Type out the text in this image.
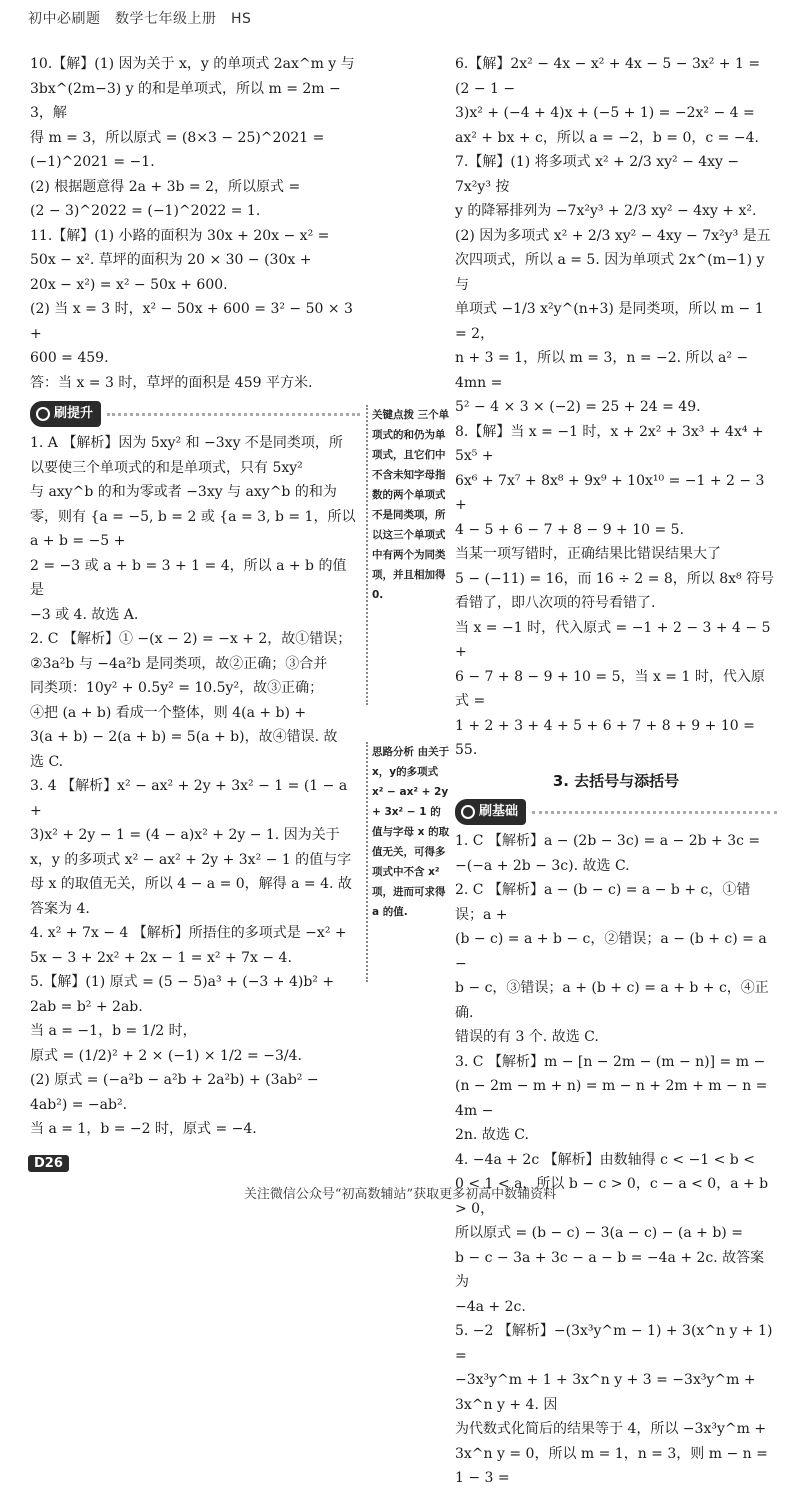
初中必刷题　数学七年级上册　HS

10.【解】(1) 因为关于 x，y 的单项式 2ax^m y 与

3bx^(2m−3) y 的和是单项式，所以 m = 2m − 3，解

得 m = 3，所以原式 = (8×3 − 25)^2021 =

(−1)^2021 = −1.

(2) 根据题意得 2a + 3b = 2，所以原式 =

(2 − 3)^2022 = (−1)^2022 = 1.

11.【解】(1) 小路的面积为 30x + 20x − x² =

50x − x². 草坪的面积为 20 × 30 − (30x +

20x − x²) = x² − 50x + 600.

(2) 当 x = 3 时，x² − 50x + 600 = 3² − 50 × 3 +

600 = 459.

答：当 x = 3 时，草坪的面积是 459 平方米.

刷提升

1. A 【解析】因为 5xy² 和 −3xy 不是同类项，所

以要使三个单项式的和是单项式，只有 5xy²

与 axy^b 的和为零或者 −3xy 与 axy^b 的和为

零，则有 {a = −5, b = 2 或 {a = 3, b = 1，所以 a + b = −5 +

2 = −3 或 a + b = 3 + 1 = 4，所以 a + b 的值是

−3 或 4. 故选 A.

2. C 【解析】① −(x − 2) = −x + 2，故①错误；

②3a²b 与 −4a²b 是同类项，故②正确；③合并

同类项：10y² + 0.5y² = 10.5y²，故③正确；

④把 (a + b) 看成一个整体，则 4(a + b) +

3(a + b) − 2(a + b) = 5(a + b)，故④错误. 故

选 C.

3. 4 【解析】x² − ax² + 2y + 3x² − 1 = (1 − a +

3)x² + 2y − 1 = (4 − a)x² + 2y − 1. 因为关于

x，y 的多项式 x² − ax² + 2y + 3x² − 1 的值与字

母 x 的取值无关，所以 4 − a = 0，解得 a = 4. 故

答案为 4.

4. x² + 7x − 4 【解析】所捂住的多项式是 −x² +

5x − 3 + 2x² + 2x − 1 = x² + 7x − 4.

5.【解】(1) 原式 = (5 − 5)a³ + (−3 + 4)b² +

2ab = b² + 2ab.

当 a = −1，b = 1/2 时，

原式 = (1/2)² + 2 × (−1) × 1/2 = −3/4.

(2) 原式 = (−a²b − a²b + 2a²b) + (3ab² −

4ab²) = −ab².

当 a = 1，b = −2 时，原式 = −4.

关键点拨 三个单项式的和仍为单项式，且它们中不含未知字母指数的两个单项式不是同类项，所以这三个单项式中有两个为同类项，并且相加得0.
思路分析 由关于x，y的多项式 x² − ax² + 2y + 3x² − 1 的值与字母 x 的取值无关，可得多项式中不含 x² 项，进而可求得 a 的值.

6.【解】2x² − 4x − x² + 4x − 5 − 3x² + 1 = (2 − 1 −

3)x² + (−4 + 4)x + (−5 + 1) = −2x² − 4 =

ax² + bx + c，所以 a = −2，b = 0，c = −4.

7.【解】(1) 将多项式 x² + 2/3 xy² − 4xy − 7x²y³ 按

y 的降幂排列为 −7x²y³ + 2/3 xy² − 4xy + x².

(2) 因为多项式 x² + 2/3 xy² − 4xy − 7x²y³ 是五

次四项式，所以 a = 5. 因为单项式 2x^(m−1) y 与

单项式 −1/3 x²y^(n+3) 是同类项，所以 m − 1 = 2，

n + 3 = 1，所以 m = 3，n = −2. 所以 a² − 4mn =

5² − 4 × 3 × (−2) = 25 + 24 = 49.

8.【解】当 x = −1 时，x + 2x² + 3x³ + 4x⁴ + 5x⁵ +

6x⁶ + 7x⁷ + 8x⁸ + 9x⁹ + 10x¹⁰ = −1 + 2 − 3 +

4 − 5 + 6 − 7 + 8 − 9 + 10 = 5.

当某一项写错时，正确结果比错误结果大了

5 − (−11) = 16，而 16 ÷ 2 = 8，所以 8x⁸ 符号

看错了，即八次项的符号看错了.

当 x = −1 时，代入原式 = −1 + 2 − 3 + 4 − 5 +

6 − 7 + 8 − 9 + 10 = 5，当 x = 1 时，代入原式 =

1 + 2 + 3 + 4 + 5 + 6 + 7 + 8 + 9 + 10 = 55.

3. 去括号与添括号

刷基础

1. C 【解析】a − (2b − 3c) = a − 2b + 3c =

−(−a + 2b − 3c). 故选 C.

2. C 【解析】a − (b − c) = a − b + c，①错误；a +

(b − c) = a + b − c，②错误；a − (b + c) = a −

b − c，③错误；a + (b + c) = a + b + c，④正确.

错误的有 3 个. 故选 C.

3. C 【解析】m − [n − 2m − (m − n)] = m −

(n − 2m − m + n) = m − n + 2m + m − n = 4m −

2n. 故选 C.

4. −4a + 2c 【解析】由数轴得 c < −1 < b <

0 < 1 < a，所以 b − c > 0，c − a < 0，a + b > 0，

所以原式 = (b − c) − 3(a − c) − (a + b) =

b − c − 3a + 3c − a − b = −4a + 2c. 故答案为

−4a + 2c.

5. −2 【解析】−(3x³y^m − 1) + 3(x^n y + 1) =

−3x³y^m + 1 + 3x^n y + 3 = −3x³y^m + 3x^n y + 4. 因

为代数式化简后的结果等于 4，所以 −3x³y^m +

3x^n y = 0，所以 m = 1，n = 3，则 m − n = 1 − 3 =

D26
关注微信公众号“初高数辅站”获取更多初高中数辅资料
